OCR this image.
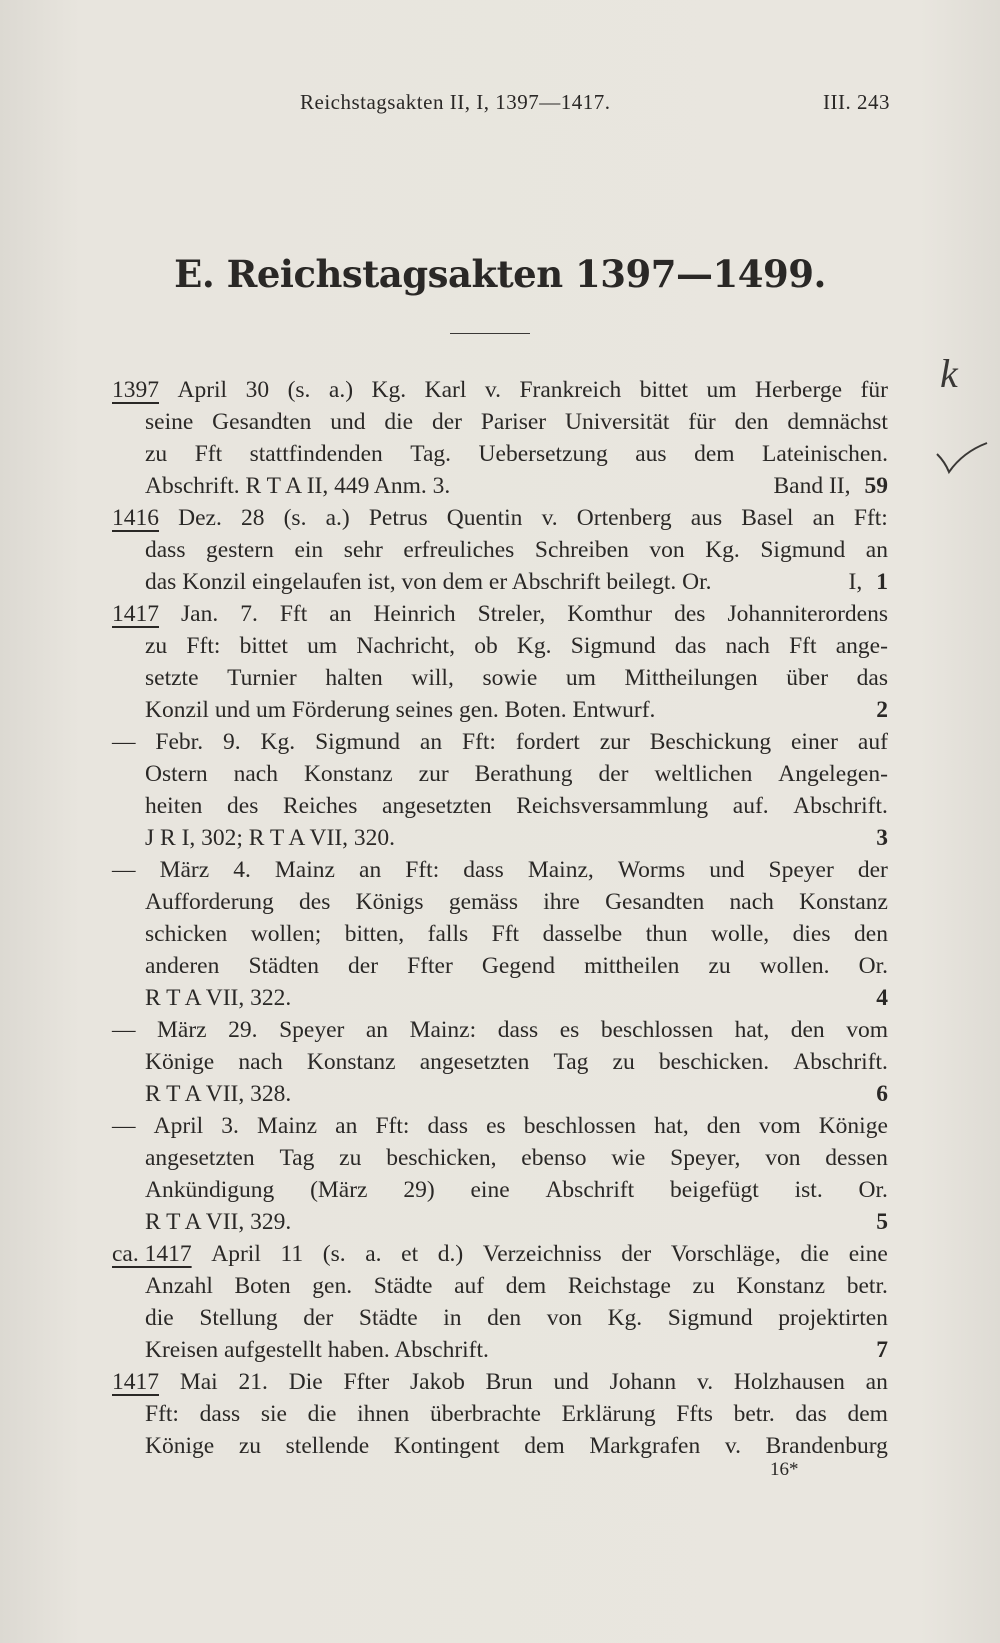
Reichstagsakten II, I, 1397—1417.	III. 243
E. Reichstagsakten 1397—1499.
1397 April 30 (s. a.) Kg. Karl v. Frankreich bittet um Herberge für
seine Gesandten und die der Pariser Universität für den demnächst
zu Fft stattfindenden Tag. Uebersetzung aus dem Lateinischen.
Abschrift. R T A II, 449 Anm. 3.	Band II, 59
1416 Dez. 28 (s. a.) Petrus Quentin v. Ortenberg aus Basel an Fft:
dass gestern ein sehr erfreuliches Schreiben von Kg. Sigmund an
das Konzil eingelaufen ist, von dem er Abschrift beilegt. Or.	I, 1
1417 Jan. 7. Fft an Heinrich Streler, Komthur des Johanniterordens
zu Fft: bittet um Nachricht, ob Kg. Sigmund das nach Fft ange-
setzte Turnier halten will, sowie um Mittheilungen über das
Konzil und um Förderung seines gen. Boten. Entwurf.	2
— Febr. 9. Kg. Sigmund an Fft: fordert zur Beschickung einer auf
Ostern nach Konstanz zur Berathung der weltlichen Angelegen-
heiten des Reiches angesetzten Reichsversammlung auf. Abschrift.
J R I, 302; R T A VII, 320.	3
— März 4. Mainz an Fft: dass Mainz, Worms und Speyer der
Aufforderung des Königs gemäss ihre Gesandten nach Konstanz
schicken wollen; bitten, falls Fft dasselbe thun wolle, dies den
anderen Städten der Ffter Gegend mittheilen zu wollen. Or.
R T A VII, 322.	4
— März 29. Speyer an Mainz: dass es beschlossen hat, den vom
Könige nach Konstanz angesetzten Tag zu beschicken. Abschrift.
R T A VII, 328.	6
— April 3. Mainz an Fft: dass es beschlossen hat, den vom Könige
angesetzten Tag zu beschicken, ebenso wie Speyer, von dessen
Ankündigung (März 29) eine Abschrift beigefügt ist. Or.
R T A VII, 329.	5
ca. 1417 April 11 (s. a. et d.) Verzeichniss der Vorschläge, die eine
Anzahl Boten gen. Städte auf dem Reichstage zu Konstanz betr.
die Stellung der Städte in den von Kg. Sigmund projektirten
Kreisen aufgestellt haben. Abschrift.	7
1417 Mai 21. Die Ffter Jakob Brun und Johann v. Holzhausen an
Fft: dass sie die ihnen überbrachte Erklärung Ffts betr. das dem
Könige zu stellende Kontingent dem Markgrafen v. Brandenburg
16*
k
